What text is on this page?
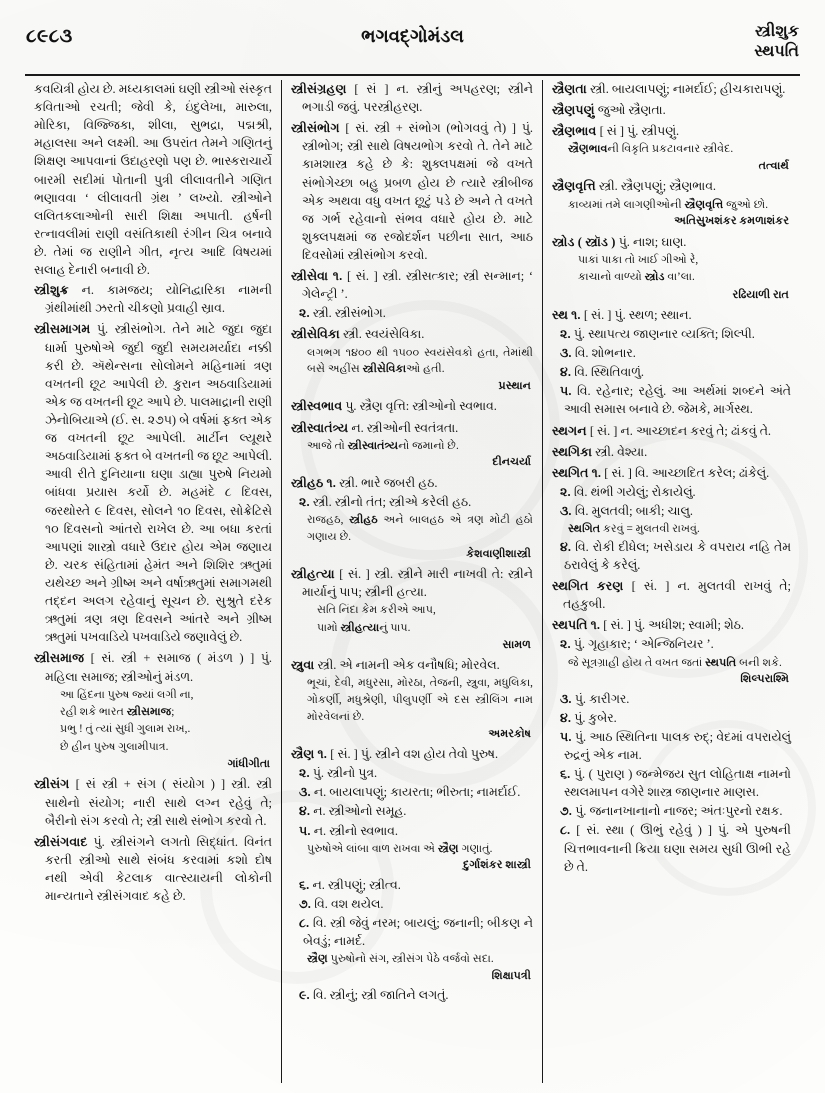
૮૯૮૩	ભગવદ્ગોમંડલ	સ્ત્રીશુક
સ્થપતિ
કવયિત્રી હોય છે. મધ્યકાલમાં ઘણી સ્ત્રીઓ સંસ્કૃત કવિતાઓ રચતી; જેવી કે, ઇંદુલેખા, મારુલા, મોરિકા, વિજ્જિકા, શીલા, સુભદ્રા, પદ્મશ્રી, મહાલસા અને લક્ષ્મી. આ ઉપરાંત તેમને ગણિતનું શિક્ષણ આપવાનાં ઉદાહરણો પણ છે. ભાસ્કરાચાર્યે બારમી સદીમાં પોતાની પુત્રી લીલાવતીને ગણિત ભણાવવા ‘ લીલાવતી ગ્રંથ ’ લખ્યો. સ્ત્રીઓને લલિતકલાઓની સારી શિક્ષા અપાતી. હર્ષની રત્નાવલીમાં રાણી વસંતિકાથી રંગીન ચિત્ર બનાવે છે. તેમાં જ રાણીને ગીત, નૃત્ય આદિ વિષયમાં સલાહ દેનારી બનાવી છે.
સ્ત્રીશુક્ર ન. કામજય; યોનિદ્વારિકા નામની ગ્રંથીમાંથી ઝરતો ચીકણો પ્રવાહી સ્રાવ.
સ્ત્રીસમાગમ પું. સ્ત્રીસંભોગ. તેને માટે જુદા જુદા ધાર્મા પુરુષોએ જુદી જુદી સમયમર્યાદા નક્કી કરી છે. ઍથેન્સના સોલોમને મહિનામાં ત્રણ વખતની છૂટ આપેલી છે. કુરાન અઠવાડિયામાં એક જ વખતની છૂટ આપે છે. પાલમાદ્રાની રાણી ઝેનોબિયાએ (ઈ. સ. ૨૭૫) બે વર્ષમાં ફક્ત એક જ વખતની છૂટ આપેલી. માર્ટીન લ્યૂથરે અઠવાડિયામાં ફક્ત બે વખતની જ છૂટ આપેલી. આવી રીતે દુનિયાના ઘણા ડાહ્યા પુરુષે નિયમો બાંધવા પ્રયાસ કર્યો છે. મહમંદે ૮ દિવસ, જરથોસ્તે ૯ દિવસ, સોલને ૧૦ દિવસ, સોક્રેટિસે ૧૦ દિવસનો આંતરો રાખેલ છે. આ બધા કરતાં આપણાં શાસ્ત્રો વધારે ઉદાર હોય એમ જણાય છે. ચરક સંહિતામાં હેમંત અને શિશિર ઋતુમાં યથેચ્છ અને ગ્રીષ્મ અને વર્ષાઋતુમાં સમાગમથી તદ્દન અલગ રહેવાનું સૂચન છે. સુશ્રુતે દરેક ઋતુમાં ત્રણ ત્રણ દિવસને આંતરે અને ગ્રીષ્મ ઋતુમાં પખવાડિયે પખવાડિયે જણાવેલું છે.
સ્ત્રીસમાજ [ સં. સ્ત્રી + સમાજ ( મંડળ ) ] પું. મહિલા સમાજ; સ્ત્રીઓનું મંડળ.
આ હિંદના પુરુષ જ્યાં લગી ના,
રહી શકે ભારત સ્ત્રીસમાજ;
પ્રભુ ! તું ત્યાં સુધી ગુલામ રાખ,.
છે હીન પુરુષ ગુલામીપાત્ર.
ગાંધીગીતા
સ્ત્રીસંગ [ સં સ્ત્રી + સંગ ( સંયોગ ) ] સ્ત્રી. સ્ત્રી સાથેનો સંયોગ; નારી સાથે લગ્ન રહેવું તે; બૈરીનો સંગ કરવો તે; સ્ત્રી સાથે સંભોગ કરવો તે.
સ્ત્રીસંગવાદ પું. સ્ત્રીસંગને લગતો સિદ્ધાંત. વિનંત કરતી સ્ત્રીઓ સાથે સંબંધ કરવામાં કશો દોષ નથી એવી કેટલાક વાત્સ્યાયની લોકોની માન્યતાને સ્ત્રીસંગવાદ કહે છે.
સ્ત્રીસંગ્રહણ [ સં ] ન. સ્ત્રીનું અપહરણ; સ્ત્રીને ભગાડી જવું. પરસ્ત્રીહરણ.
સ્ત્રીસંભોગ [ સં. સ્ત્રી + સંભોગ (ભોગવવું તે) ] પું. સ્ત્રીભોગ; સ્ત્રી સાથે વિષયભોગ કરવો તે. તેને માટે કામશાસ્ત્ર કહે છે કે: શુક્લપક્ષમાં જે વખતે સંભોગેચ્છા બહુ પ્રબળ હોય છે ત્યારે સ્ત્રીબીજ એક અથવા વધુ વખત છૂટું પડે છે અને તે વખતે જ ગર્ભ રહેવાનો સંભવ વધારે હોય છે. માટે શુક્લપક્ષમાં જ રજોદર્શન પછીના સાત, આઠ દિવસોમાં સ્ત્રીસંભોગ કરવો.
સ્ત્રીસેવા ૧. [ સં. ] સ્ત્રી. સ્ત્રીસત્કાર; સ્ત્રી સન્માન; ‘ ગેલેન્ટ્રી ’.
૨. સ્ત્રી. સ્ત્રીસંભોગ.
સ્ત્રીસેવિકા સ્ત્રી. સ્વયંસેવિકા.
લગભગ ૧૪૦૦ થી ૧૫૦૦ સ્વયંસેવકો હતા, તેમાંથી બસે અહીંસ સ્ત્રીસેવિકાઓ હતી.
પ્રસ્થાન
સ્ત્રીસ્વભાવ પુ. સ્ત્રૈણ વૃત્તિ: સ્ત્રીઓનો સ્વભાવ.
સ્ત્રીસ્વાતંત્ર્ય ન. સ્ત્રીઓની સ્વતંત્રતા.
આજે તો સ્ત્રીસ્વાતંત્ર્યનો જમાનો છે.
દીનચર્યા
સ્ત્રીહઠ ૧. સ્ત્રી. ભારે જબરી હઠ.
૨. સ્ત્રી. સ્ત્રીનો તંત; સ્ત્રીએ કરેલી હઠ.
રાજહઠ, સ્ત્રીહઠ અને બાલહઠ એ ત્રણ મોટી હઠો ગણાય છે.
કેશવાણીશાસ્ત્રી
સ્ત્રીહત્યા [ સં. ] સ્ત્રી. સ્ત્રીને મારી નાખવી તે: સ્ત્રીને માર્યાનું પાપ; સ્ત્રીની હત્યા.
સતિ નિંદા કેમ કરીએ આપ,
પામો સ્ત્રીહત્યાનું પાપ.
સામળ
સ્ત્રુવા સ્ત્રી. એ નામની એક વનૌષધિ; મોરવેલ.
ભૂચાં, દેવી, મધુરસા, મોરઠા, તેજની, સ્ત્રુવા, મધુલિકા, ગોકર્ણી, મધુશ્રેણી, પીલુપર્ણી એ દસ સ્ત્રીલિંગ નામ મોરવેલનાં છે.
અમરકોષ
સ્ત્રૈણ ૧. [ સં. ] પું. સ્ત્રીને વશ હોય તેવો પુરુષ.
૨. પું. સ્ત્રીનો પુત્ર.
૩. ન. બાયલાપણું; કાયરતા; ભીરુતા; નામર્દાઈ.
૪. ન. સ્ત્રીઓનો સમૂહ.
૫. ન. સ્ત્રીનો સ્વભાવ.
પુરુષોએ લાંબા વાળ રાખવા એ સ્ત્રૈણ ગણાતું.
દુર્ગાશંકર શાસ્ત્રી
૬. ન. સ્ત્રીપણું; સ્ત્રીત્વ.
૭. વિ. વશ થયેલ.
૮. વિ. સ્ત્રી જેવું નરમ; બાયલું; જનાની; બીકણ ને બેવડું; નામર્દ.
સ્ત્રૈણ પુરુષોનો સંગ, સ્ત્રીસંગ પેઠે વર્જવો સદા.
શિક્ષાપત્રી
૯. વિ. સ્ત્રીનું; સ્ત્રી જાતિને લગતું.
સ્ત્રૈણતા સ્ત્રી. બાયલાપણું; નામર્દાઈ; હીચકારાપણું.
સ્ત્રૈણપણું જુઓ સ્ત્રૈણતા.
સ્ત્રૈણભાવ [ સં ] પું. સ્ત્રીપણું.
સ્ત્રૈણભાવની વિકૃતિ પ્રકટાવનાર સ્ત્રીવેદ.
તત્વાર્થ
સ્ત્રૈણવૃત્તિ સ્ત્રી. સ્ત્રૈણપણું; સ્ત્રૈણભાવ.
કાવ્યમાં તમે લાગણીઓની સ્ત્રૈણવૃત્તિ જુઓ છો.
અતિસુખશંકર કમળાશંકર
સ્ત્રોડ ( સ્ત્રૉડ ) પું. નાશ; ઘાણ.
પાકાં પાકા તો ખાઈ ગીઓ રે,
કાચાનો વાળ્યો સ્ત્રોડ વા’લા.
રઢિયાળી રાત
સ્થ ૧. [ સં. ] પું. સ્થળ; સ્થાન.
૨. પું. સ્થાપત્ય જાણનાર વ્યક્તિ; શિલ્પી.
૩. વિ. શોભનાર.
૪. વિ. સ્થિતિવાળું.
૫. વિ. રહેનાર; રહેલું. આ અર્થમાં શબ્દને અંતે આવી સમાસ બનાવે છે. જેમકે, માર્ગસ્થ.
સ્થગન [ સં. ] ન. આચ્છાદન કરવું તે; ઢાંકવું તે.
સ્થગિકા સ્ત્રી. વેશ્યા.
સ્થગિત ૧. [ સં. ] વિ. આચ્છાદિત કરેલ; ઢાંકેલું.
૨. વિ. થંભી ગયેલું; રોકાયેલું.
૩. વિ. મુલતવી; બાકી; ચાલુ.
સ્થગિત કરવું = મુલતવી રાખવું.
૪. વિ. રોકી દીધેલ; ખસેડાય કે વપરાય નહિ તેમ ઠરાવેલું કે કરેલું.
સ્થગિત કરણ [ સં. ] ન. મુલતવી રાખવું તે; તહકુબી.
સ્થપતિ ૧. [ સં. ] પું. અધીશ; સ્વામી; શેઠ.
૨. પું. ગૃહાકાર; ‘ એન્જિનિયર ’.
જે સૂત્રગ્રાહી હોય તે વખત જતાં સ્થપતિ બની શકે.
શિલ્પરાશ્મિ
૩. પું. કારીગર.
૪. પું. કુબેર.
૫. પું. આઠ સ્થિતિના પાલક રુદ્; વેદમાં વપરાયેલું રુદ્રનું એક નામ.
૬. પું. ( પુરાણ ) જન્મેજય સુત લોહિતાક્ષ નામનો સ્થલમાપન વગેરે શાસ્ત્ર જાણનાર માણસ.
૭. પું. જનાનખાનાનો નાજર; અંતઃપુરનો રક્ષક.
૮. [ સં. સ્થા ( ઊભું રહેવું ) ] પું. એ પુરુષની ચિત્તભાવનાની ક્રિયા ઘણા સમય સુધી ઊભી રહે છે તે.
